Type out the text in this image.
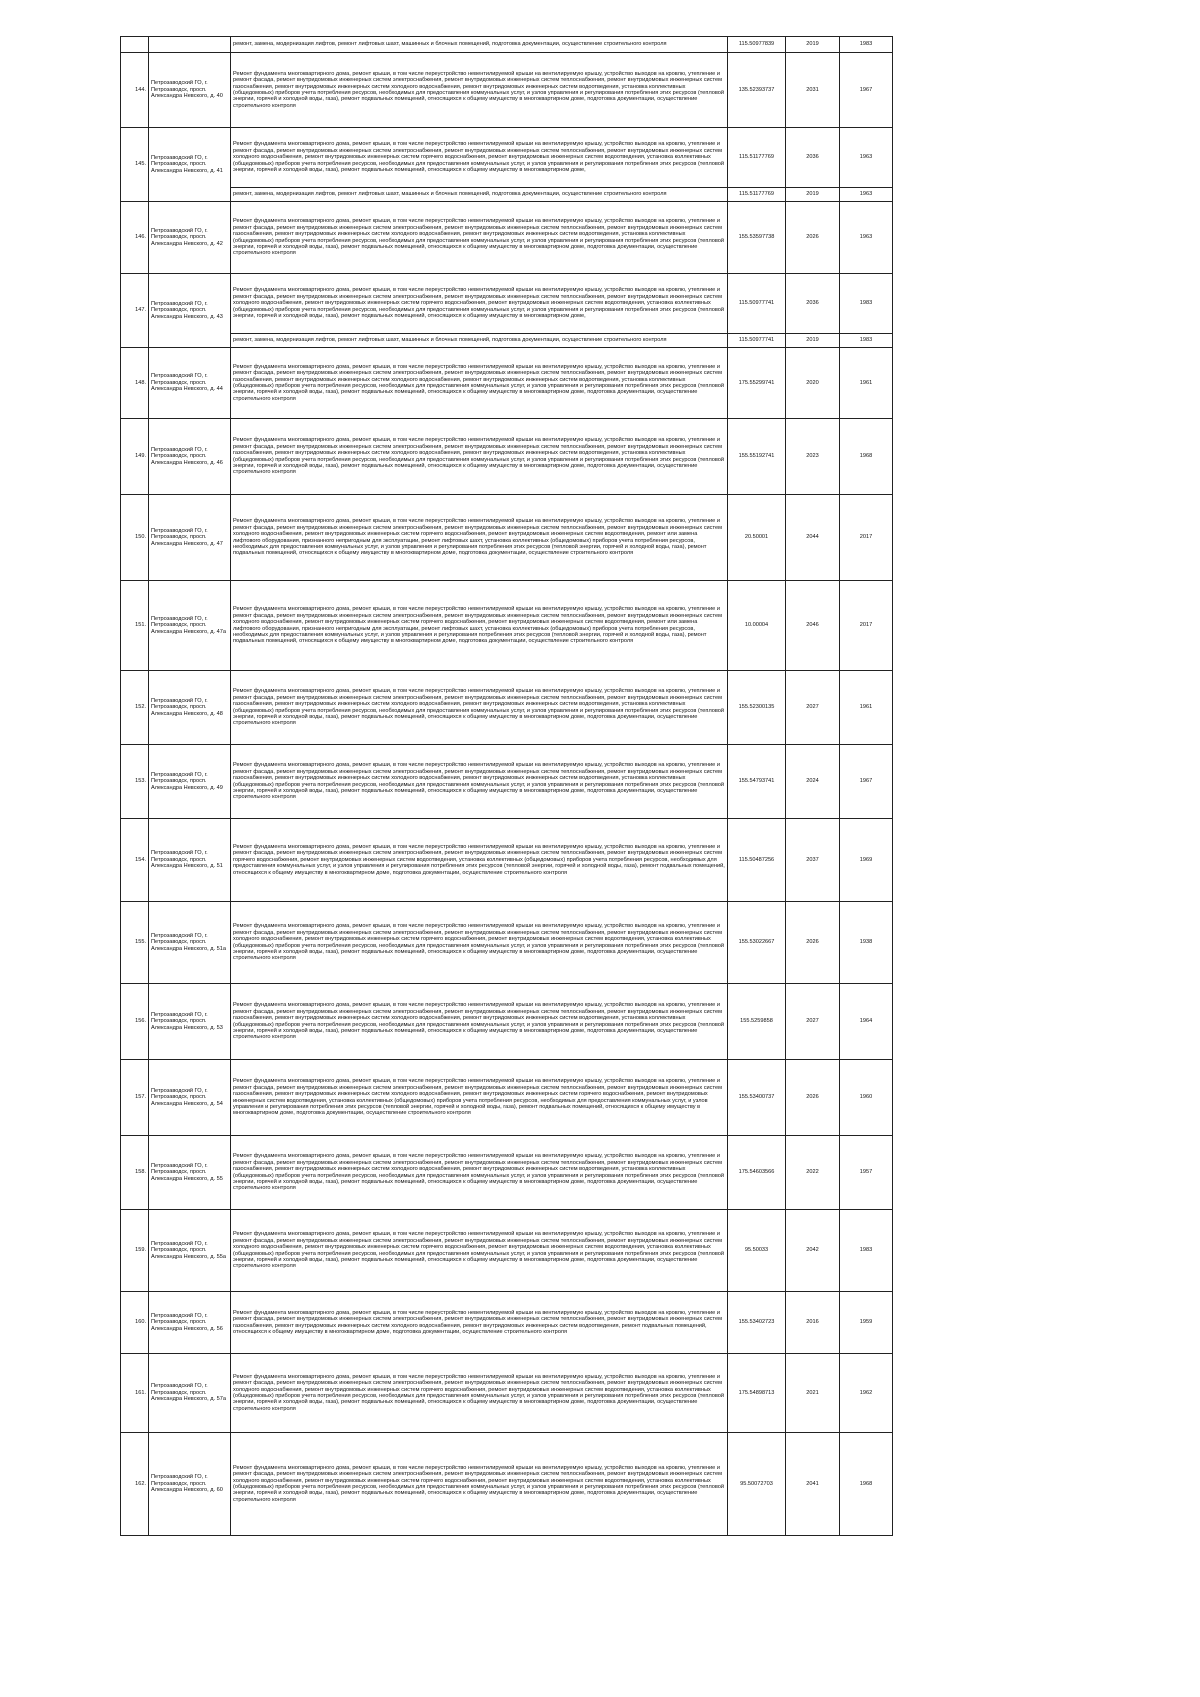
		ремонт, замена, модернизация лифтов, ремонт лифтовых шахт, машинных и блочных помещений, подготовка документации, осуществление строительного контроля	115.50977839	2019	1983
144.	Петрозаводский ГО, г. Петрозаводск, просп. Александра Невского, д. 40	Ремонт фундамента многоквартирного дома, ремонт крыши, в том числе переустройство невентилируемой крыши на вентилируемую крышу, устройство выходов на кровлю, утепление и ремонт фасада, ремонт внутридомовых инженерных систем электроснабжения, ремонт внутридомовых инженерных систем теплоснабжения, ремонт внутридомовых инженерных систем газоснабжения, ремонт внутридомовых инженерных систем холодного водоснабжения, ремонт внутридомовых инженерных систем водоотведения, установка коллективных (общедомовых) приборов учета потребления ресурсов, необходимых для предоставления коммунальных услуг, и узлов управления и регулирования потребления этих ресурсов (тепловой энергии, горячей и холодной воды, газа), ремонт подвальных помещений, относящихся к общему имуществу в многоквартирном доме, подготовка документации, осуществление строительного контроля	135.52393737	2031	1967
145.	Петрозаводский ГО, г. Петрозаводск, просп. Александра Невского, д. 41	Ремонт фундамента многоквартирного дома, ремонт крыши, в том числе переустройство невентилируемой крыши на вентилируемую крышу, устройство выходов на кровлю, утепление и ремонт фасада, ремонт внутридомовых инженерных систем электроснабжения, ремонт внутридомовых инженерных систем теплоснабжения, ремонт внутридомовых инженерных систем холодного водоснабжения, ремонт внутридомовых инженерных систем горячего водоснабжения, ремонт внутридомовых инженерных систем водоотведения, установка коллективных (общедомовых) приборов учета потребления ресурсов, необходимых для предоставления коммунальных услуг, и узлов управления и регулирования потребления этих ресурсов (тепловой энергии, горячей и холодной воды, газа), ремонт подвальных помещений, относящихся к общему имуществу в многоквартирном доме,	115.51177769	2036	1963
		ремонт, замена, модернизация лифтов, ремонт лифтовых шахт, машинных и блочных помещений, подготовка документации, осуществление строительного контроля	115.51177769	2019	1963
146.	Петрозаводский ГО, г. Петрозаводск, просп. Александра Невского, д. 42	Ремонт фундамента многоквартирного дома, ремонт крыши, в том числе переустройство невентилируемой крыши на вентилируемую крышу, устройство выходов на кровлю, утепление и ремонт фасада, ремонт внутридомовых инженерных систем электроснабжения, ремонт внутридомовых инженерных систем теплоснабжения, ремонт внутридомовых инженерных систем газоснабжения, ремонт внутридомовых инженерных систем холодного водоснабжения, ремонт внутридомовых инженерных систем водоотведения, установка коллективных (общедомовых) приборов учета потребления ресурсов, необходимых для предоставления коммунальных услуг, и узлов управления и регулирования потребления этих ресурсов (тепловой энергии, горячей и холодной воды, газа), ремонт подвальных помещений, относящихся к общему имуществу в многоквартирном доме, подготовка документации, осуществление строительного контроля	155.53597738	2026	1963
147.	Петрозаводский ГО, г. Петрозаводск, просп. Александра Невского, д. 43	Ремонт фундамента многоквартирного дома, ремонт крыши, в том числе переустройство невентилируемой крыши на вентилируемую крышу, устройство выходов на кровлю, утепление и ремонт фасада, ремонт внутридомовых инженерных систем электроснабжения, ремонт внутридомовых инженерных систем теплоснабжения, ремонт внутридомовых инженерных систем холодного водоснабжения, ремонт внутридомовых инженерных систем горячего водоснабжения, ремонт внутридомовых инженерных систем водоотведения, установка коллективных (общедомовых) приборов учета потребления ресурсов, необходимых для предоставления коммунальных услуг, и узлов управления и регулирования потребления этих ресурсов (тепловой энергии, горячей и холодной воды, газа), ремонт подвальных помещений, относящихся к общему имуществу в многоквартирном доме,	115.50977741	2036	1983
		ремонт, замена, модернизация лифтов, ремонт лифтовых шахт, машинных и блочных помещений, подготовка документации, осуществление строительного контроля	115.50977741	2019	1983
148.	Петрозаводский ГО, г. Петрозаводск, просп. Александра Невского, д. 44	Ремонт фундамента многоквартирного дома, ремонт крыши, в том числе переустройство невентилируемой крыши на вентилируемую крышу, устройство выходов на кровлю, утепление и ремонт фасада, ремонт внутридомовых инженерных систем электроснабжения, ремонт внутридомовых инженерных систем теплоснабжения, ремонт внутридомовых инженерных систем газоснабжения, ремонт внутридомовых инженерных систем холодного водоснабжения, ремонт внутридомовых инженерных систем водоотведения, установка коллективных (общедомовых) приборов учета потребления ресурсов, необходимых для предоставления коммунальных услуг, и узлов управления и регулирования потребления этих ресурсов (тепловой энергии, горячей и холодной воды, газа), ремонт подвальных помещений, относящихся к общему имуществу в многоквартирном доме, подготовка документации, осуществление строительного контроля	175.55299741	2020	1961
149.	Петрозаводский ГО, г. Петрозаводск, просп. Александра Невского, д. 46	Ремонт фундамента многоквартирного дома, ремонт крыши, в том числе переустройство невентилируемой крыши на вентилируемую крышу, устройство выходов на кровлю, утепление и ремонт фасада, ремонт внутридомовых инженерных систем электроснабжения, ремонт внутридомовых инженерных систем теплоснабжения, ремонт внутридомовых инженерных систем газоснабжения, ремонт внутридомовых инженерных систем холодного водоснабжения, ремонт внутридомовых инженерных систем водоотведения, установка коллективных (общедомовых) приборов учета потребления ресурсов, необходимых для предоставления коммунальных услуг, и узлов управления и регулирования потребления этих ресурсов (тепловой энергии, горячей и холодной воды, газа), ремонт подвальных помещений, относящихся к общему имуществу в многоквартирном доме, подготовка документации, осуществление строительного контроля	155.55192741	2023	1968
150.	Петрозаводский ГО, г. Петрозаводск, просп. Александра Невского, д. 47	Ремонт фундамента многоквартирного дома, ремонт крыши, в том числе переустройство невентилируемой крыши на вентилируемую крышу, устройство выходов на кровлю, утепление и ремонт фасада, ремонт внутридомовых инженерных систем электроснабжения, ремонт внутридомовых инженерных систем теплоснабжения, ремонт внутридомовых инженерных систем холодного водоснабжения, ремонт внутридомовых инженерных систем горячего водоснабжения, ремонт внутридомовых инженерных систем водоотведения, ремонт или замена лифтового оборудования, признанного непригодным для эксплуатации, ремонт лифтовых шахт, установка коллективных (общедомовых) приборов учета потребления ресурсов, необходимых для предоставления коммунальных услуг, и узлов управления и регулирования потребления этих ресурсов (тепловой энергии, горячей и холодной воды, газа), ремонт подвальных помещений, относящихся к общему имуществу в многоквартирном доме, подготовка документации, осуществление строительного контроля	20.50001	2044	2017
151.	Петрозаводский ГО, г. Петрозаводск, просп. Александра Невского, д. 47а	Ремонт фундамента многоквартирного дома, ремонт крыши, в том числе переустройство невентилируемой крыши на вентилируемую крышу, устройство выходов на кровлю, утепление и ремонт фасада, ремонт внутридомовых инженерных систем электроснабжения, ремонт внутридомовых инженерных систем теплоснабжения, ремонт внутридомовых инженерных систем холодного водоснабжения, ремонт внутридомовых инженерных систем горячего водоснабжения, ремонт внутридомовых инженерных систем водоотведения, ремонт или замена лифтового оборудования, признанного непригодным для эксплуатации, ремонт лифтовых шахт, установка коллективных (общедомовых) приборов учета потребления ресурсов, необходимых для предоставления коммунальных услуг, и узлов управления и регулирования потребления этих ресурсов (тепловой энергии, горячей и холодной воды, газа), ремонт подвальных помещений, относящихся к общему имуществу в многоквартирном доме, подготовка документации, осуществление строительного контроля	10.00004	2046	2017
152.	Петрозаводский ГО, г. Петрозаводск, просп. Александра Невского, д. 48	Ремонт фундамента многоквартирного дома, ремонт крыши, в том числе переустройство невентилируемой крыши на вентилируемую крышу, устройство выходов на кровлю, утепление и ремонт фасада, ремонт внутридомовых инженерных систем электроснабжения, ремонт внутридомовых инженерных систем теплоснабжения, ремонт внутридомовых инженерных систем газоснабжения, ремонт внутридомовых инженерных систем холодного водоснабжения, ремонт внутридомовых инженерных систем водоотведения, установка коллективных (общедомовых) приборов учета потребления ресурсов, необходимых для предоставления коммунальных услуг, и узлов управления и регулирования потребления этих ресурсов (тепловой энергии, горячей и холодной воды, газа), ремонт подвальных помещений, относящихся к общему имуществу в многоквартирном доме, подготовка документации, осуществление строительного контроля	155.52300135	2027	1961
153.	Петрозаводский ГО, г. Петрозаводск, просп. Александра Невского, д. 49	Ремонт фундамента многоквартирного дома, ремонт крыши, в том числе переустройство невентилируемой крыши на вентилируемую крышу, устройство выходов на кровлю, утепление и ремонт фасада, ремонт внутридомовых инженерных систем электроснабжения, ремонт внутридомовых инженерных систем теплоснабжения, ремонт внутридомовых инженерных систем газоснабжения, ремонт внутридомовых инженерных систем холодного водоснабжения, ремонт внутридомовых инженерных систем водоотведения, установка коллективных (общедомовых) приборов учета потребления ресурсов, необходимых для предоставления коммунальных услуг, и узлов управления и регулирования потребления этих ресурсов (тепловой энергии, горячей и холодной воды, газа), ремонт подвальных помещений, относящихся к общему имуществу в многоквартирном доме, подготовка документации, осуществление строительного контроля	155.54793741	2024	1967
154.	Петрозаводский ГО, г. Петрозаводск, просп. Александра Невского, д. 51	Ремонт фундамента многоквартирного дома, ремонт крыши, в том числе переустройство невентилируемой крыши на вентилируемую крышу, устройство выходов на кровлю, утепление и ремонт фасада, ремонт внутридомовых инженерных систем электроснабжения, ремонт внутридомовых инженерных систем теплоснабжения, ремонт внутридомовых инженерных систем горячего водоснабжения, ремонт внутридомовых инженерных систем водоотведения, установка коллективных (общедомовых) приборов учета потребления ресурсов, необходимых для предоставления коммунальных услуг, и узлов управления и регулирования потребления этих ресурсов (тепловой энергии, горячей и холодной воды, газа), ремонт подвальных помещений, относящихся к общему имуществу в многоквартирном доме, подготовка документации, осуществление строительного контроля	115.50487256	2037	1969
155.	Петрозаводский ГО, г. Петрозаводск, просп. Александра Невского, д. 51а	Ремонт фундамента многоквартирного дома, ремонт крыши, в том числе переустройство невентилируемой крыши на вентилируемую крышу, устройство выходов на кровлю, утепление и ремонт фасада, ремонт внутридомовых инженерных систем электроснабжения, ремонт внутридомовых инженерных систем теплоснабжения, ремонт внутридомовых инженерных систем холодного водоснабжения, ремонт внутридомовых инженерных систем горячего водоснабжения, ремонт внутридомовых инженерных систем водоотведения, установка коллективных (общедомовых) приборов учета потребления ресурсов, необходимых для предоставления коммунальных услуг, и узлов управления и регулирования потребления этих ресурсов (тепловой энергии, горячей и холодной воды, газа), ремонт подвальных помещений, относящихся к общему имуществу в многоквартирном доме, подготовка документации, осуществление строительного контроля	155.53022667	2026	1938
156.	Петрозаводский ГО, г. Петрозаводск, просп. Александра Невского, д. 53	Ремонт фундамента многоквартирного дома, ремонт крыши, в том числе переустройство невентилируемой крыши на вентилируемую крышу, устройство выходов на кровлю, утепление и ремонт фасада, ремонт внутридомовых инженерных систем электроснабжения, ремонт внутридомовых инженерных систем теплоснабжения, ремонт внутридомовых инженерных систем газоснабжения, ремонт внутридомовых инженерных систем холодного водоснабжения, ремонт внутридомовых инженерных систем водоотведения, установка коллективных (общедомовых) приборов учета потребления ресурсов, необходимых для предоставления коммунальных услуг, и узлов управления и регулирования потребления этих ресурсов (тепловой энергии, горячей и холодной воды, газа), ремонт подвальных помещений, относящихся к общему имуществу в многоквартирном доме, подготовка документации, осуществление строительного контроля	155.5259858	2027	1964
157.	Петрозаводский ГО, г. Петрозаводск, просп. Александра Невского, д. 54	Ремонт фундамента многоквартирного дома, ремонт крыши, в том числе переустройство невентилируемой крыши на вентилируемую крышу, устройство выходов на кровлю, утепление и ремонт фасада, ремонт внутридомовых инженерных систем электроснабжения, ремонт внутридомовых инженерных систем теплоснабжения, ремонт внутридомовых инженерных систем газоснабжения, ремонт внутридомовых инженерных систем холодного водоснабжения, ремонт внутридомовых инженерных систем горячего водоснабжения, ремонт внутридомовых инженерных систем водоотведения, установка коллективных (общедомовых) приборов учета потребления ресурсов, необходимых для предоставления коммунальных услуг, и узлов управления и регулирования потребления этих ресурсов (тепловой энергии, горячей и холодной воды, газа), ремонт подвальных помещений, относящихся к общему имуществу в многоквартирном доме, подготовка документации, осуществление строительного контроля	155.53400737	2026	1960
158.	Петрозаводский ГО, г. Петрозаводск, просп. Александра Невского, д. 55	Ремонт фундамента многоквартирного дома, ремонт крыши, в том числе переустройство невентилируемой крыши на вентилируемую крышу, устройство выходов на кровлю, утепление и ремонт фасада, ремонт внутридомовых инженерных систем электроснабжения, ремонт внутридомовых инженерных систем теплоснабжения, ремонт внутридомовых инженерных систем газоснабжения, ремонт внутридомовых инженерных систем холодного водоснабжения, ремонт внутридомовых инженерных систем водоотведения, установка коллективных (общедомовых) приборов учета потребления ресурсов, необходимых для предоставления коммунальных услуг, и узлов управления и регулирования потребления этих ресурсов (тепловой энергии, горячей и холодной воды, газа), ремонт подвальных помещений, относящихся к общему имуществу в многоквартирном доме, подготовка документации, осуществление строительного контроля	175.54603566	2022	1957
159.	Петрозаводский ГО, г. Петрозаводск, просп. Александра Невского, д. 55а	Ремонт фундамента многоквартирного дома, ремонт крыши, в том числе переустройство невентилируемой крыши на вентилируемую крышу, устройство выходов на кровлю, утепление и ремонт фасада, ремонт внутридомовых инженерных систем электроснабжения, ремонт внутридомовых инженерных систем теплоснабжения, ремонт внутридомовых инженерных систем холодного водоснабжения, ремонт внутридомовых инженерных систем горячего водоснабжения, ремонт внутридомовых инженерных систем водоотведения, установка коллективных (общедомовых) приборов учета потребления ресурсов, необходимых для предоставления коммунальных услуг, и узлов управления и регулирования потребления этих ресурсов (тепловой энергии, горячей и холодной воды, газа), ремонт подвальных помещений, относящихся к общему имуществу в многоквартирном доме, подготовка документации, осуществление строительного контроля	95.50033	2042	1983
160.	Петрозаводский ГО, г. Петрозаводск, просп. Александра Невского, д. 56	Ремонт фундамента многоквартирного дома, ремонт крыши, в том числе переустройство невентилируемой крыши на вентилируемую крышу, устройство выходов на кровлю, утепление и ремонт фасада, ремонт внутридомовых инженерных систем электроснабжения, ремонт внутридомовых инженерных систем теплоснабжения, ремонт внутридомовых инженерных систем газоснабжения, ремонт внутридомовых инженерных систем холодного водоснабжения, ремонт внутридомовых инженерных систем водоотведения, ремонт подвальных помещений, относящихся к общему имуществу в многоквартирном доме, подготовка документации, осуществление строительного контроля	155.53402723	2016	1959
161.	Петрозаводский ГО, г. Петрозаводск, просп. Александра Невского, д. 57а	Ремонт фундамента многоквартирного дома, ремонт крыши, в том числе переустройство невентилируемой крыши на вентилируемую крышу, устройство выходов на кровлю, утепление и ремонт фасада, ремонт внутридомовых инженерных систем электроснабжения, ремонт внутридомовых инженерных систем теплоснабжения, ремонт внутридомовых инженерных систем холодного водоснабжения, ремонт внутридомовых инженерных систем горячего водоснабжения, ремонт внутридомовых инженерных систем водоотведения, установка коллективных (общедомовых) приборов учета потребления ресурсов, необходимых для предоставления коммунальных услуг, и узлов управления и регулирования потребления этих ресурсов (тепловой энергии, горячей и холодной воды, газа), ремонт подвальных помещений, относящихся к общему имуществу в многоквартирном доме, подготовка документации, осуществление строительного контроля	175.54898713	2021	1962
162.	Петрозаводский ГО, г. Петрозаводск, просп. Александра Невского, д. 60	Ремонт фундамента многоквартирного дома, ремонт крыши, в том числе переустройство невентилируемой крыши на вентилируемую крышу, устройство выходов на кровлю, утепление и ремонт фасада, ремонт внутридомовых инженерных систем электроснабжения, ремонт внутридомовых инженерных систем теплоснабжения, ремонт внутридомовых инженерных систем холодного водоснабжения, ремонт внутридомовых инженерных систем горячего водоснабжения, ремонт внутридомовых инженерных систем водоотведения, установка коллективных (общедомовых) приборов учета потребления ресурсов, необходимых для предоставления коммунальных услуг, и узлов управления и регулирования потребления этих ресурсов (тепловой энергии, горячей и холодной воды, газа), ремонт подвальных помещений, относящихся к общему имуществу в многоквартирном доме, подготовка документации, осуществление строительного контроля	95.50072703	2041	1968
